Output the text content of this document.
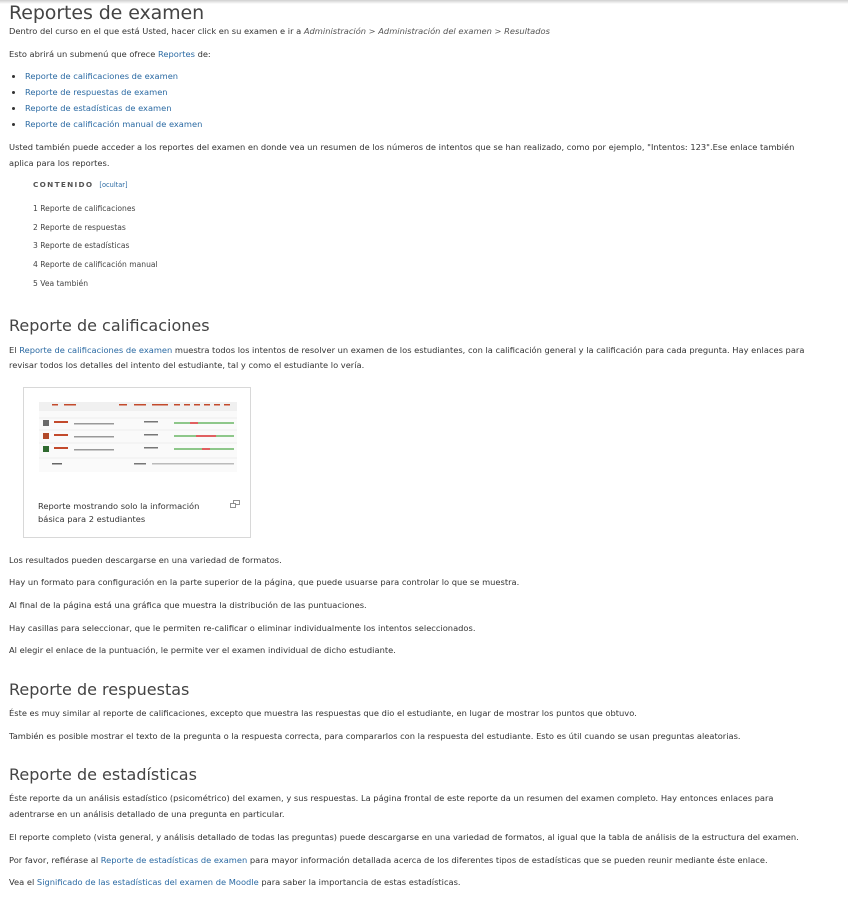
Reportes de examen

Dentro del curso en el que está Usted, hacer click en su examen e ir a Administración > Administración del examen > Resultados

Esto abrirá un submenú que ofrece Reportes de:

Reporte de calificaciones de examen
Reporte de respuestas de examen
Reporte de estadísticas de examen
Reporte de calificación manual de examen

Usted también puede acceder a los reportes del examen en donde vea un resumen de los números de intentos que se han realizado, como por ejemplo, "Intentos: 123".Ese enlace también

aplica para los reportes.

CONTENIDO [ocultar]
1 Reporte de calificaciones
2 Reporte de respuestas
3 Reporte de estadísticas
4 Reporte de calificación manual
5 Vea también
Reporte de calificaciones

El Reporte de calificaciones de examen muestra todos los intentos de resolver un examen de los estudiantes, con la calificación general y la calificación para cada pregunta. Hay enlaces para

revisar todos los detalles del intento del estudiante, tal y como el estudiante lo vería.

Reporte mostrando solo la información básica para 2 estudiantes

Los resultados pueden descargarse en una variedad de formatos.

Hay un formato para configuración en la parte superior de la página, que puede usuarse para controlar lo que se muestra.

Al final de la página está una gráfica que muestra la distribución de las puntuaciones.

Hay casillas para seleccionar, que le permiten re-calificar o eliminar individualmente los intentos seleccionados.

Al elegir el enlace de la puntuación, le permite ver el examen individual de dicho estudiante.

Reporte de respuestas

Éste es muy similar al reporte de calificaciones, excepto que muestra las respuestas que dio el estudiante, en lugar de mostrar los puntos que obtuvo.

También es posible mostrar el texto de la pregunta o la respuesta correcta, para compararlos con la respuesta del estudiante. Esto es útil cuando se usan preguntas aleatorias.

Reporte de estadísticas

Éste reporte da un análisis estadístico (psicométrico) del examen, y sus respuestas. La página frontal de este reporte da un resumen del examen completo. Hay entonces enlaces para

adentrarse en un análisis detallado de una pregunta en particular.

El reporte completo (vista general, y análisis detallado de todas las preguntas) puede descargarse en una variedad de formatos, al igual que la tabla de análisis de la estructura del examen.

Por favor, refiérase al Reporte de estadísticas de examen para mayor información detallada acerca de los diferentes tipos de estadísticas que se pueden reunir mediante éste enlace.

Vea el Significado de las estadísticas del examen de Moodle para saber la importancia de estas estadísticas.
